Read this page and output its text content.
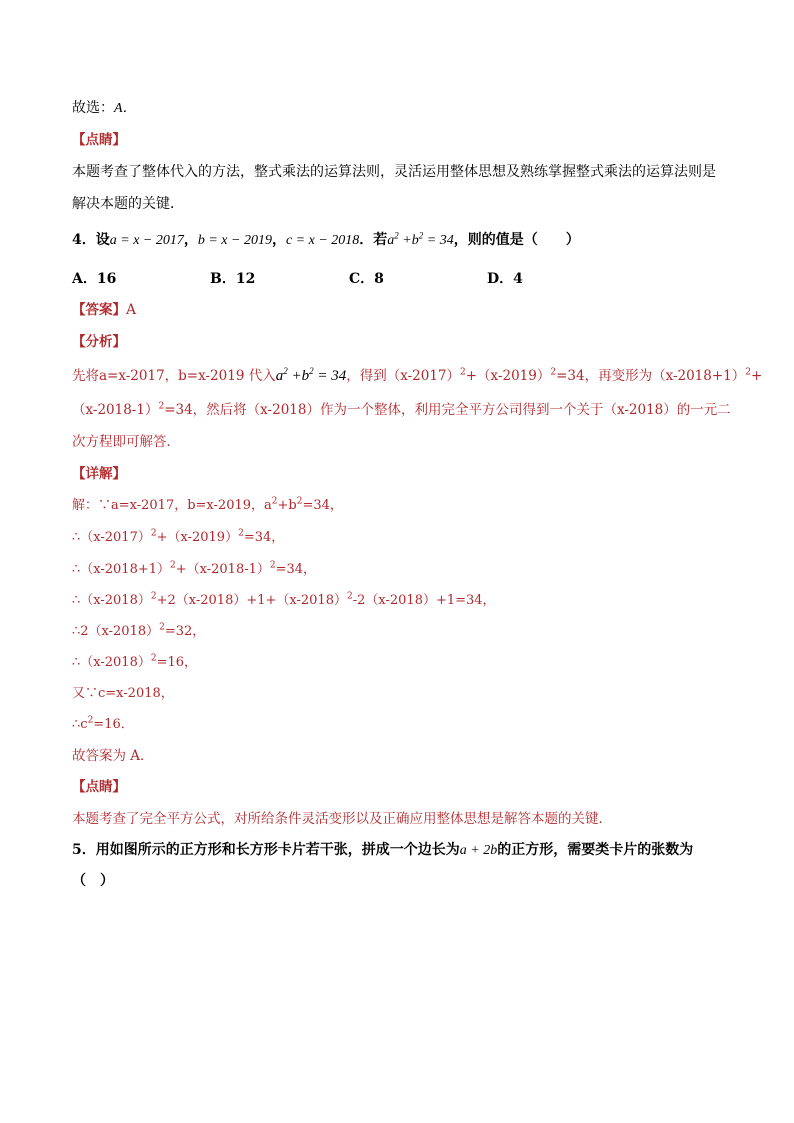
故选：A．
【点睛】
本题考查了整体代入的方法，整式乘法的运算法则，灵活运用整体思想及熟练掌握整式乘法的运算法则是
解决本题的关键．
4．设a = x − 2017，b = x − 2019，c = x − 2018．若$a^2 +b^2 = 34$，则的值是（　　）
A．16	B．12	C．8	D．4
【答案】A
【分析】
先将a=x-2017，b=x-2019 代入$a^2 +b^2 = 34$，得到$(x-2017)^2+(x-2019)^2=34$，再变形为$(x-2018+1)^2+$
$(x-2018-1)^2=34$，然后将（x-2018）作为一个整体，利用完全平方公司得到一个关于（x-2018）的一元二
次方程即可解答．
【详解】
解：∵a=x-2017，b=x-2019，$a^2+b^2=34$，
$\therefore(x-2017)^2+(x-2019)^2=34$，
$\therefore(x-2018+1)^2+(x-2018-1)^2=34$，
$\therefore(x-2018)^2+2(x-2018)+1+(x-2018)^2-2(x-2018)+1=34$，
$\therefore 2(x-2018)^2=32$，
$\therefore(x-2018)^2=16$，
又∵c=x-2018，
$\therefore c^2=16$．
故答案为 A．
【点睛】
本题考查了完全平方公式，对所给条件灵活变形以及正确应用整体思想是解答本题的关键．
5．用如图所示的正方形和长方形卡片若干张，拼成一个边长为a + 2b的正方形，需要类卡片的张数为
（　）
